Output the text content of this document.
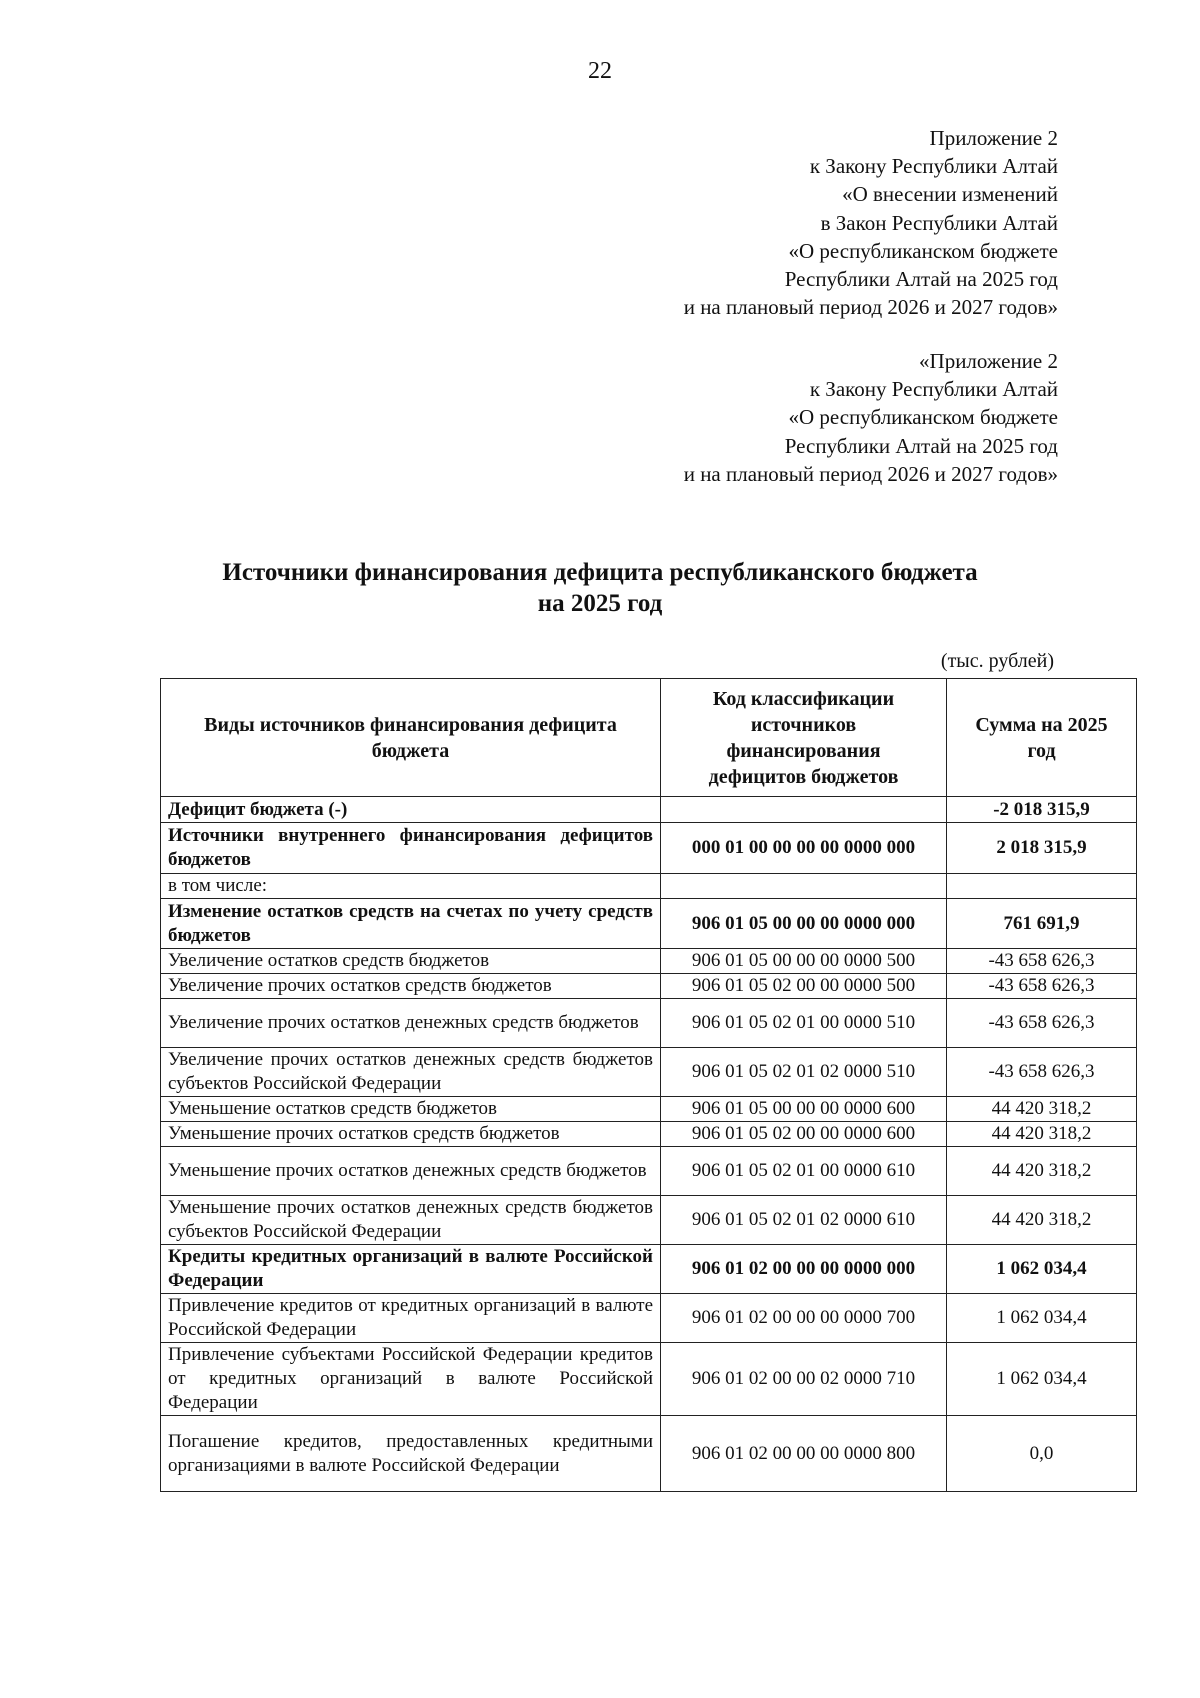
22
Приложение 2
к Закону Республики Алтай
«О внесении изменений
в Закон Республики Алтай
«О республиканском бюджете
Республики Алтай на 2025 год
и на плановый период 2026 и 2027 годов»
«Приложение 2
к Закону Республики Алтай
«О республиканском бюджете
Республики Алтай на 2025 год
и на плановый период 2026 и 2027 годов»
Источники финансирования дефицита республиканского бюджета
на 2025 год
(тыс. рублей)
Виды источников финансирования дефицита бюджета	Код классификации источников финансирования дефицитов бюджетов	Сумма на 2025 год
Дефицит бюджета (-)		-2 018 315,9
Источники внутреннего финансирования дефицитов бюджетов	000 01 00 00 00 00 0000 000	2 018 315,9
в том числе:		
Изменение остатков средств на счетах по учету средств бюджетов	906 01 05 00 00 00 0000 000	761 691,9
Увеличение остатков средств бюджетов	906 01 05 00 00 00 0000 500	-43 658 626,3
Увеличение прочих остатков средств бюджетов	906 01 05 02 00 00 0000 500	-43 658 626,3
Увеличение прочих остатков денежных средств бюджетов	906 01 05 02 01 00 0000 510	-43 658 626,3
Увеличение прочих остатков денежных средств бюджетов субъектов Российской Федерации	906 01 05 02 01 02 0000 510	-43 658 626,3
Уменьшение остатков средств бюджетов	906 01 05 00 00 00 0000 600	44 420 318,2
Уменьшение прочих остатков средств бюджетов	906 01 05 02 00 00 0000 600	44 420 318,2
Уменьшение прочих остатков денежных средств бюджетов	906 01 05 02 01 00 0000 610	44 420 318,2
Уменьшение прочих остатков денежных средств бюджетов субъектов Российской Федерации	906 01 05 02 01 02 0000 610	44 420 318,2
Кредиты кредитных организаций в валюте Российской Федерации	906 01 02 00 00 00 0000 000	1 062 034,4
Привлечение кредитов от кредитных организаций в валюте Российской Федерации	906 01 02 00 00 00 0000 700	1 062 034,4
Привлечение субъектами Российской Федерации кредитов от кредитных организаций в валюте Российской Федерации	906 01 02 00 00 02 0000 710	1 062 034,4
Погашение кредитов, предоставленных кредитными организациями в валюте Российской Федерации	906 01 02 00 00 00 0000 800	0,0
